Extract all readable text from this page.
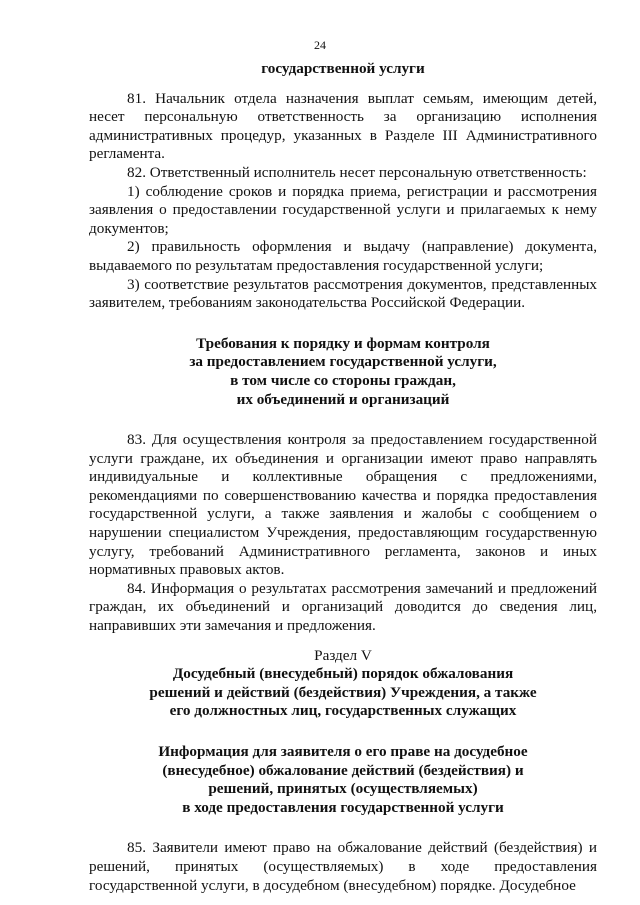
24

государственной услуги

81. Начальник отдела назначения выплат семьям, имеющим детей, несет персональную ответственность за организацию исполнения административных процедур, указанных в Разделе III Административного регламента.

82. Ответственный исполнитель несет персональную ответственность:

1) соблюдение сроков и порядка приема, регистрации и рассмотрения заявления о предоставлении государственной услуги и прилагаемых к нему документов;

2) правильность оформления и выдачу (направление) документа, выдаваемого по результатам предоставления государственной услуги;

3) соответствие результатов рассмотрения документов, представленных заявителем, требованиям законодательства Российской Федерации.

Требования к порядку и формам контроля
за предоставлением государственной услуги,
в том числе со стороны граждан,
их объединений и организаций

83. Для осуществления контроля за предоставлением государственной услуги граждане, их объединения и организации имеют право направлять индивидуальные и коллективные обращения с предложениями, рекомендациями по совершенствованию качества и порядка предоставления государственной услуги, а также заявления и жалобы с сообщением о нарушении специалистом Учреждения, предоставляющим государственную услугу, требований Административного регламента, законов и иных нормативных правовых актов.

84. Информация о результатах рассмотрения замечаний и предложений граждан, их объединений и организаций доводится до сведения лиц, направивших эти замечания и предложения.

Раздел V

Досудебный (внесудебный) порядок обжалования
решений и действий (бездействия) Учреждения, а также
его должностных лиц, государственных служащих

Информация для заявителя о его праве на досудебное
(внесудебное) обжалование действий (бездействия) и
решений, принятых (осуществляемых)
в ходе предоставления государственной услуги

85. Заявители имеют право на обжалование действий (бездействия) и решений, принятых (осуществляемых) в ходе предоставления государственной услуги, в досудебном (внесудебном) порядке. Досудебное
